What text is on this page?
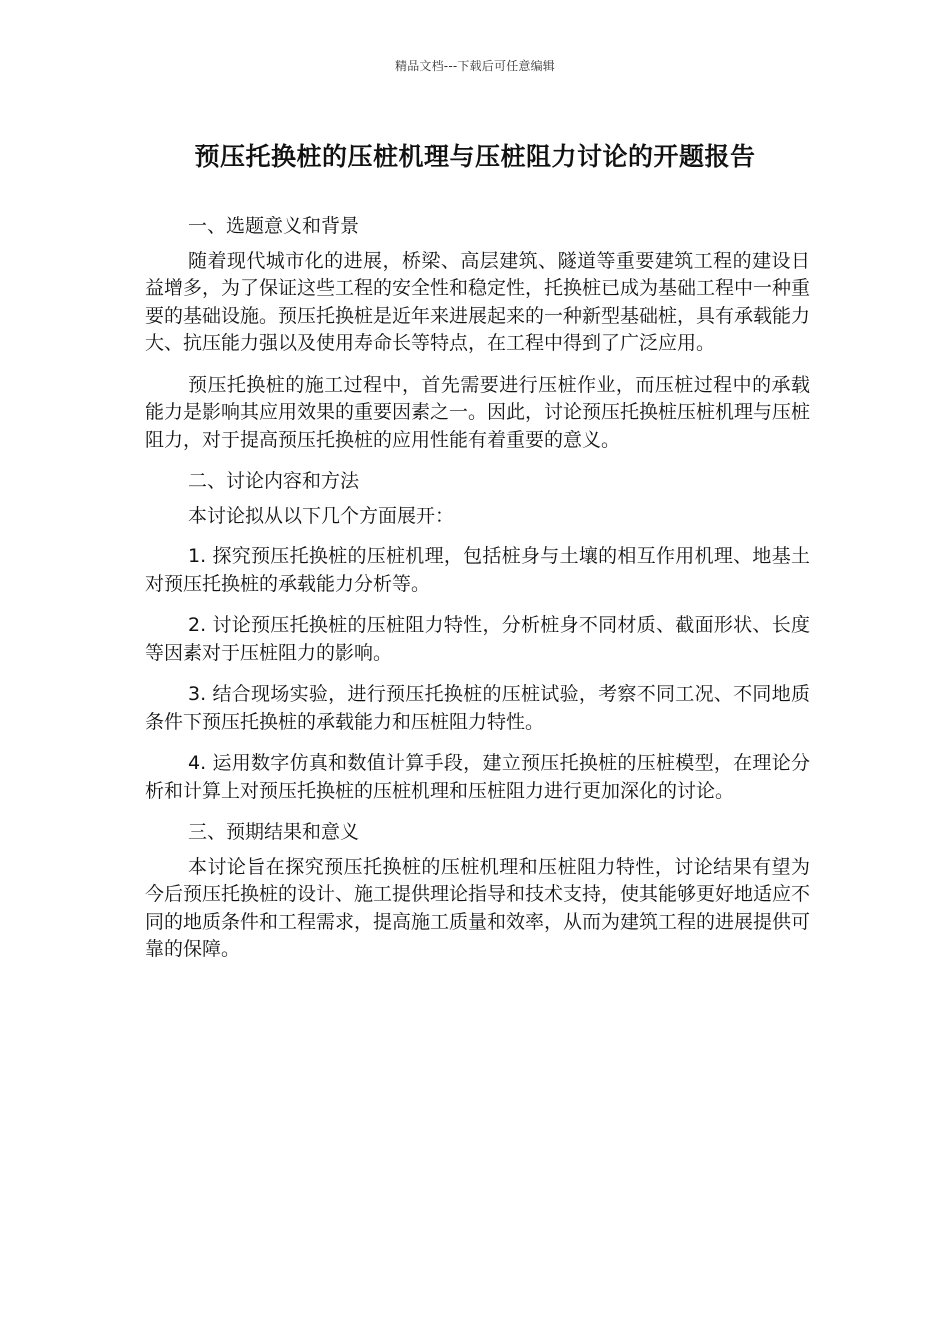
精品文档---下载后可任意编辑
预压托换桩的压桩机理与压桩阻力讨论的开题报告

一、选题意义和背景

随着现代城市化的进展，桥梁、高层建筑、隧道等重要建筑工程的建设日益增多，为了保证这些工程的安全性和稳定性，托换桩已成为基础工程中一种重要的基础设施。预压托换桩是近年来进展起来的一种新型基础桩，具有承载能力大、抗压能力强以及使用寿命长等特点，在工程中得到了广泛应用。

预压托换桩的施工过程中，首先需要进行压桩作业，而压桩过程中的承载能力是影响其应用效果的重要因素之一。因此，讨论预压托换桩压桩机理与压桩阻力，对于提高预压托换桩的应用性能有着重要的意义。

二、讨论内容和方法

本讨论拟从以下几个方面展开：

1. 探究预压托换桩的压桩机理，包括桩身与土壤的相互作用机理、地基土对预压托换桩的承载能力分析等。

2. 讨论预压托换桩的压桩阻力特性，分析桩身不同材质、截面形状、长度等因素对于压桩阻力的影响。

3. 结合现场实验，进行预压托换桩的压桩试验，考察不同工况、不同地质条件下预压托换桩的承载能力和压桩阻力特性。

4. 运用数字仿真和数值计算手段，建立预压托换桩的压桩模型，在理论分析和计算上对预压托换桩的压桩机理和压桩阻力进行更加深化的讨论。

三、预期结果和意义

本讨论旨在探究预压托换桩的压桩机理和压桩阻力特性，讨论结果有望为今后预压托换桩的设计、施工提供理论指导和技术支持，使其能够更好地适应不同的地质条件和工程需求，提高施工质量和效率，从而为建筑工程的进展提供可靠的保障。
